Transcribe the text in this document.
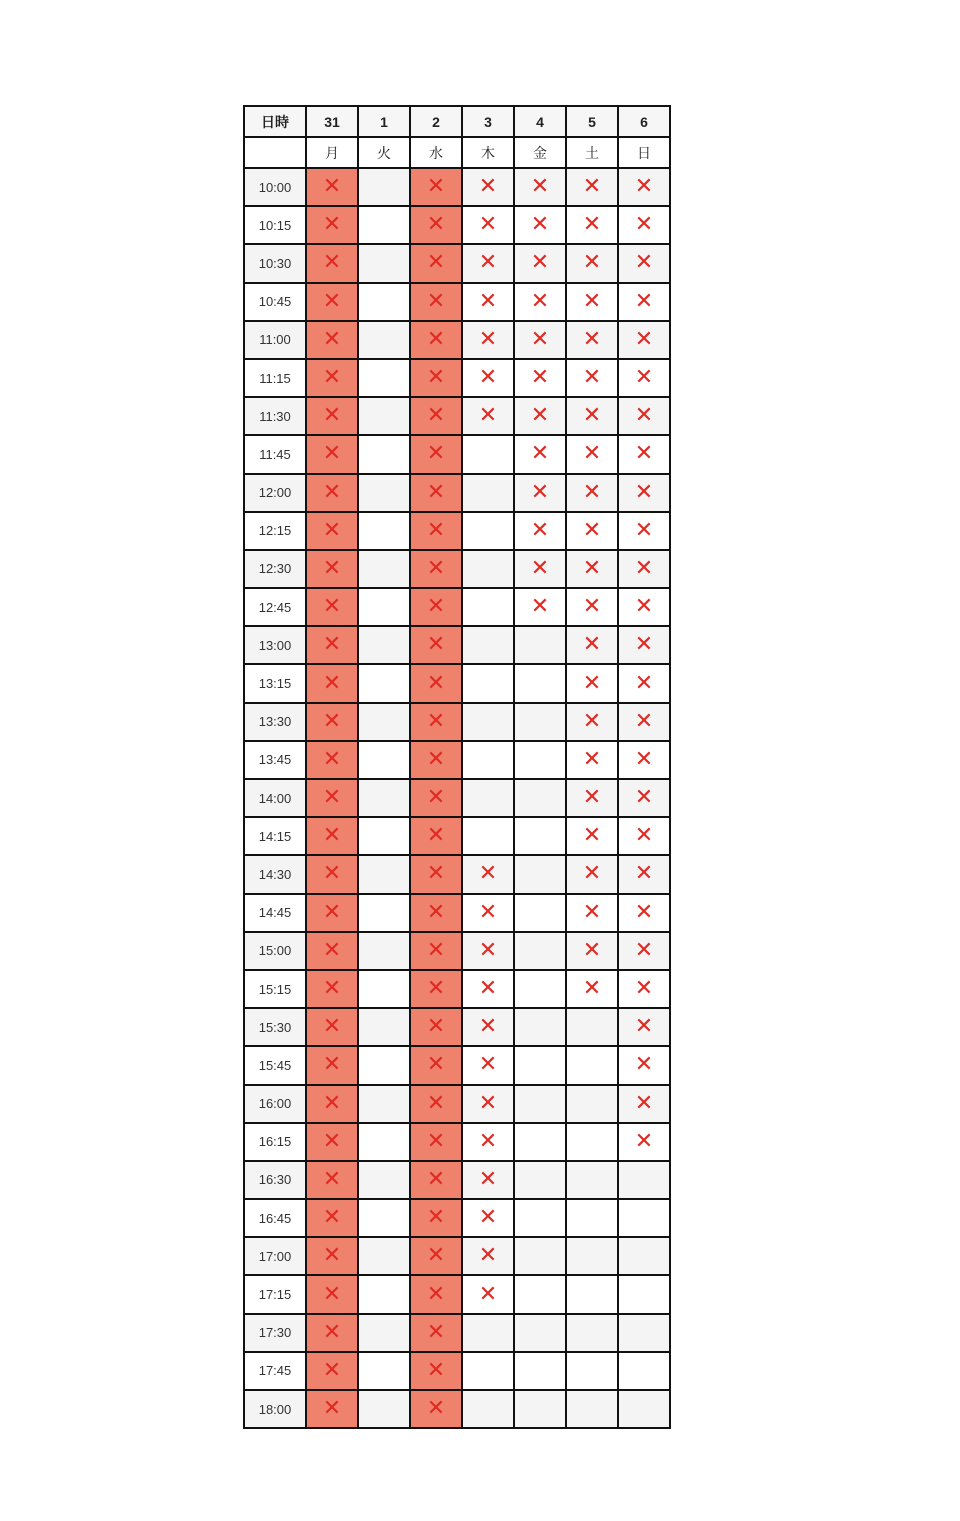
日時	31	1	2	3	4	5	6
	月	火	水	木	金	土	日
10:00	✕		✕	✕	✕	✕	✕
10:15	✕		✕	✕	✕	✕	✕
10:30	✕		✕	✕	✕	✕	✕
10:45	✕		✕	✕	✕	✕	✕
11:00	✕		✕	✕	✕	✕	✕
11:15	✕		✕	✕	✕	✕	✕
11:30	✕		✕	✕	✕	✕	✕
11:45	✕		✕		✕	✕	✕
12:00	✕		✕		✕	✕	✕
12:15	✕		✕		✕	✕	✕
12:30	✕		✕		✕	✕	✕
12:45	✕		✕		✕	✕	✕
13:00	✕		✕			✕	✕
13:15	✕		✕			✕	✕
13:30	✕		✕			✕	✕
13:45	✕		✕			✕	✕
14:00	✕		✕			✕	✕
14:15	✕		✕			✕	✕
14:30	✕		✕	✕		✕	✕
14:45	✕		✕	✕		✕	✕
15:00	✕		✕	✕		✕	✕
15:15	✕		✕	✕		✕	✕
15:30	✕		✕	✕			✕
15:45	✕		✕	✕			✕
16:00	✕		✕	✕			✕
16:15	✕		✕	✕			✕
16:30	✕		✕	✕			
16:45	✕		✕	✕			
17:00	✕		✕	✕			
17:15	✕		✕	✕			
17:30	✕		✕				
17:45	✕		✕				
18:00	✕		✕				
